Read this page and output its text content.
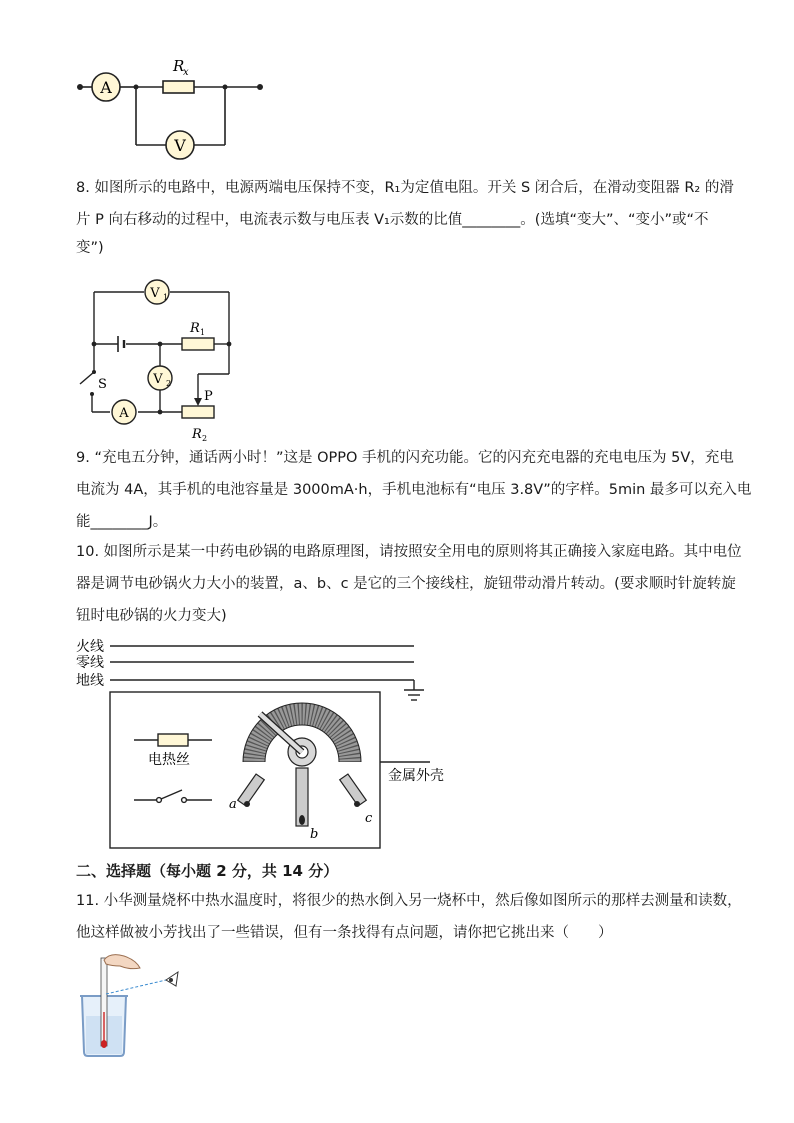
A
R
x
V
8. 如图所示的电路中，电源两端电压保持不变，R₁为定值电阻。开关 S 闭合后，在滑动变阻器 R₂ 的滑
片 P 向右移动的过程中，电流表示数与电压表 V₁示数的比值________。(选填“变大”、“变小”或“不
变”)
V 1
R 1
V 2
A
R 2
P
S
9. “充电五分钟，通话两小时！”这是 OPPO 手机的闪充功能。它的闪充充电器的充电电压为 5V，充电
电流为 4A，其手机的电池容量是 3000mA·h，手机电池标有“电压 3.8V”的字样。5min 最多可以充入电
能________J。
10. 如图所示是某一中药电砂锅的电路原理图，请按照安全用电的原则将其正确接入家庭电路。其中电位
器是调节电砂锅火力大小的装置，a、b、c 是它的三个接线柱，旋钮带动滑片转动。(要求顺时针旋转旋
钮时电砂锅的火力变大)
火线
零线
地线
金属外壳
电热丝
a
b
c
二、选择题（每小题 2 分，共 14 分）
11. 小华测量烧杯中热水温度时，将很少的热水倒入另一烧杯中，然后像如图所示的那样去测量和读数，
他这样做被小芳找出了一些错误，但有一条找得有点问题，请你把它挑出来（　　）
